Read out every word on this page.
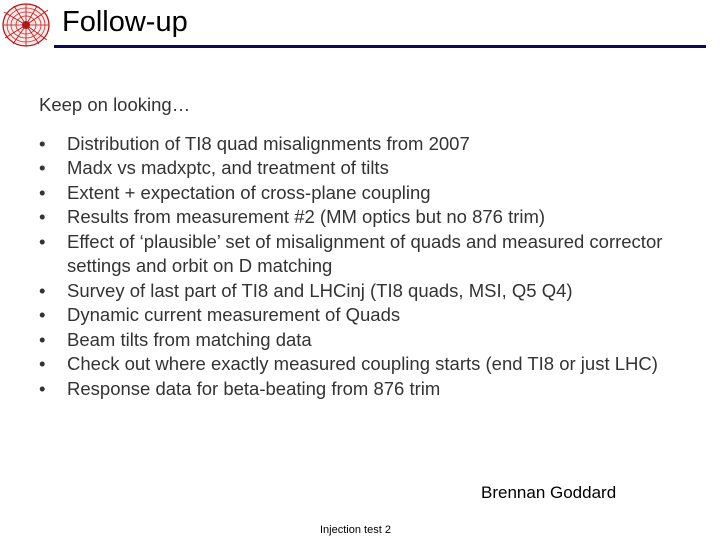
Follow-up
Keep on looking…
• Distribution of TI8 quad misalignments from 2007
• Madx vs madxptc, and treatment of tilts
• Extent + expectation of cross-plane coupling
• Results from measurement #2 (MM optics but no 876 trim)
• Effect of ‘plausible’ set of misalignment of quads and measured corrector settings and orbit on D matching
• Survey of last part of TI8 and LHCinj (TI8 quads, MSI, Q5 Q4)
• Dynamic current measurement of Quads
• Beam tilts from matching data
• Check out where exactly measured coupling starts (end TI8 or just LHC)
• Response data for beta-beating from 876 trim
Brennan Goddard
Injection test 2
